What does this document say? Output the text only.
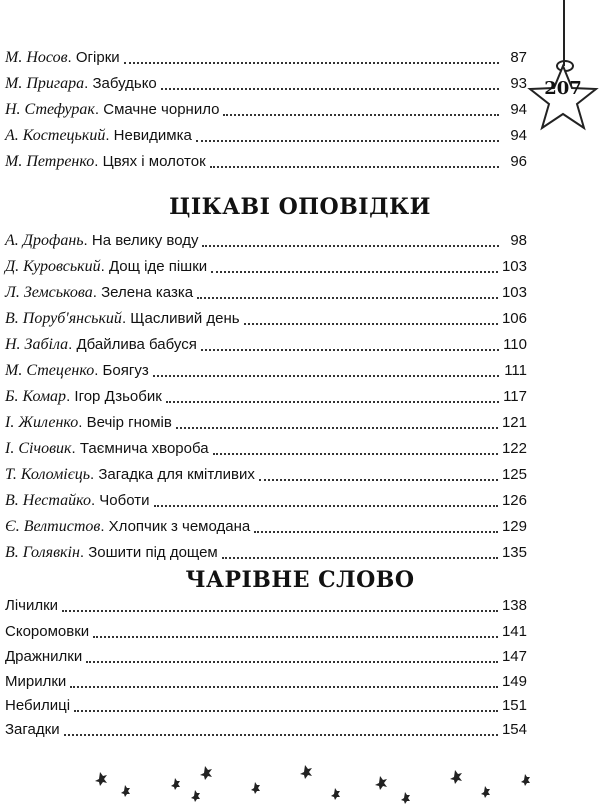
207
М. Носов . Огірки	87
М. Пригара . Забудько	93
Н. Стефурак . Смачне чорнило	94
А. Костецький . Невидимка	94
М. Петренко . Цвях і молоток	96
ЦІКАВІ ОПОВІДКИ
А. Дрофань . На велику воду	98
Д. Куровський . Дощ іде пішки	103
Л. Земськова . Зелена казка	103
В. Поруб'янський . Щасливий день	106
Н. Забіла . Дбайлива бабуся	110
М. Стеценко . Боягуз	111
Б. Комар . Ігор Дзьобик	117
І. Жиленко . Вечір гномів	121
І. Січовик . Таємнича хвороба	122
Т. Коломієць . Загадка для кмітливих	125
В. Нестайко . Чоботи	126
Є. Велтистов . Хлопчик з чемодана	129
В. Голявкін . Зошити під дощем	135
ЧАРІВНЕ СЛОВО
Лічилки	138
Скоромовки	141
Дражнилки	147
Мирилки	149
Небилиці	151
Загадки	154
